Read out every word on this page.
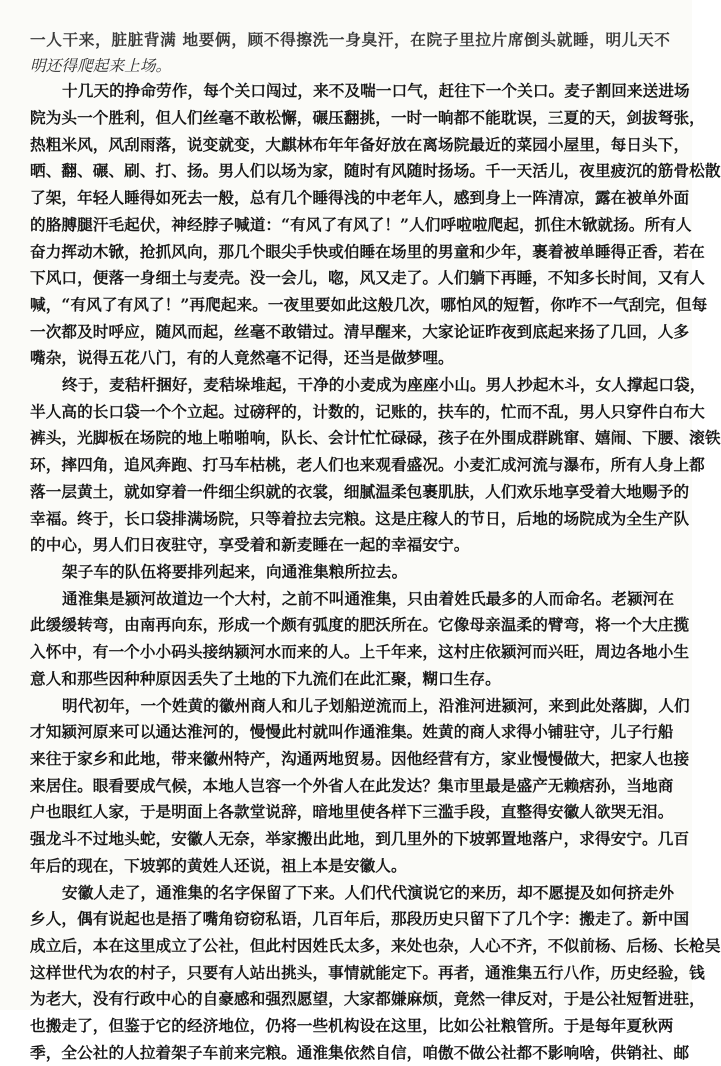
一人干来，脏脏背满 地要俩，顾不得擦洗一身臭汗，在院子里拉片席倒头就睡，明儿天不

明还得爬起来上场。

十几天的挣命劳作，每个关口闯过，来不及喘一口气，赶往下一个关口。麦子割回来送进场

院为头一个胜利，但人们丝毫不敢松懈，碾压翻挑，一时一晌都不能耽误，三夏的天，剑拔弩张，

热粗米风，风刮雨落，说变就变，大麒林布年年备好放在离场院最近的菜园小屋里，每日头下，

晒、翻、碾、刷、打、扬。男人们以场为家，随时有风随时扬场。千一天活儿，夜里疲沉的筋骨松散

了架，年轻人睡得如死去一般，总有几个睡得浅的中老年人，感到身上一阵清凉，露在被单外面

的胳膊腿汗毛起伏，神经脖子喊道：“有风了有风了！”人们呼啦啦爬起，抓住木锨就扬。所有人

奋力挥动木锨，抢抓风向，那几个眼尖手快或伯睡在场里的男童和少年，裹着被单睡得正香，若在

下风口，便落一身细土与麦壳。没一会儿，唿，风又走了。人们躺下再睡，不知多长时间，又有人

喊，“有风了有风了！”再爬起来。一夜里要如此这般几次，哪怕风的短暂，你咋不一气刮完，但每

一次都及时呼应，随风而起，丝毫不敢错过。清早醒来，大家论证昨夜到底起来扬了几回，人多

嘴杂，说得五花八门，有的人竟然毫不记得，还当是做梦哩。

终于，麦秸杆捆好，麦秸垛堆起，干净的小麦成为座座小山。男人抄起木斗，女人撑起口袋，

半人高的长口袋一个个立起。过磅秤的，计数的，记账的，扶车的，忙而不乱，男人只穿件白布大

裤头，光脚板在场院的地上啪啪响，队长、会计忙忙碌碌，孩子在外围成群跳窜、嬉闹、下腰、滚铁

环，摔四角，追风奔跑、打马车枯桃，老人们也来观看盛况。小麦汇成河流与瀑布，所有人身上都

落一层黄土，就如穿着一件细尘织就的衣裳，细腻温柔包裹肌肤，人们欢乐地享受着大地赐予的

幸福。终于，长口袋排满场院，只等着拉去完粮。这是庄稼人的节日，后地的场院成为全生产队

的中心，男人们日夜驻守，享受着和新麦睡在一起的幸福安宁。

架子车的队伍将要排列起来，向通淮集粮所拉去。

通淮集是颍河故道边一个大村，之前不叫通淮集，只由着姓氏最多的人而命名。老颍河在

此缓缓转弯，由南再向东，形成一个颇有弧度的肥沃所在。它像母亲温柔的臂弯，将一个大庄揽

入怀中，有一个小小码头接纳颍河水而来的人。上千年来，这村庄依颍河而兴旺，周边各地小生

意人和那些因种种原因丢失了土地的下九流们在此汇聚，糊口生存。

明代初年，一个姓黄的徽州商人和儿子划船逆流而上，沿淮河进颍河，来到此处落脚，人们

才知颍河原来可以通达淮河的，慢慢此村就叫作通淮集。姓黄的商人求得小铺驻守，儿子行船

来往于家乡和此地，带来徽州特产，沟通两地贸易。因他经营有方，家业慢慢做大，把家人也接

来居住。眼看要成气候，本地人岂容一个外省人在此发达？集市里最是盛产无赖痞孙，当地商

户也眼红人家，于是明面上各款堂说辞，暗地里使各样下三滥手段，直整得安徽人欲哭无泪。

强龙斗不过地头蛇，安徽人无奈，举家搬出此地，到几里外的下坡郭置地落户，求得安宁。几百

年后的现在，下坡郭的黄姓人还说，祖上本是安徽人。

安徽人走了，通淮集的名字保留了下来。人们代代演说它的来历，却不愿提及如何挤走外

乡人，偶有说起也是捂了嘴角窃窃私语，几百年后，那段历史只留下了几个字：搬走了。新中国

成立后，本在这里成立了公社，但此村因姓氏太多，来处也杂，人心不齐，不似前杨、后杨、长枪吴

这样世代为农的村子，只要有人站出挑头，事情就能定下。再者，通淮集五行八作，历史经验，钱

为老大，没有行政中心的自豪感和强烈愿望，大家都嫌麻烦，竟然一律反对，于是公社短暂进驻，

也搬走了，但鉴于它的经济地位，仍将一些机构设在这里，比如公社粮管所。于是每年夏秋两

季，全公社的人拉着架子车前来完粮。通淮集依然自信，咱傲不做公社都不影响啥，供销社、邮
